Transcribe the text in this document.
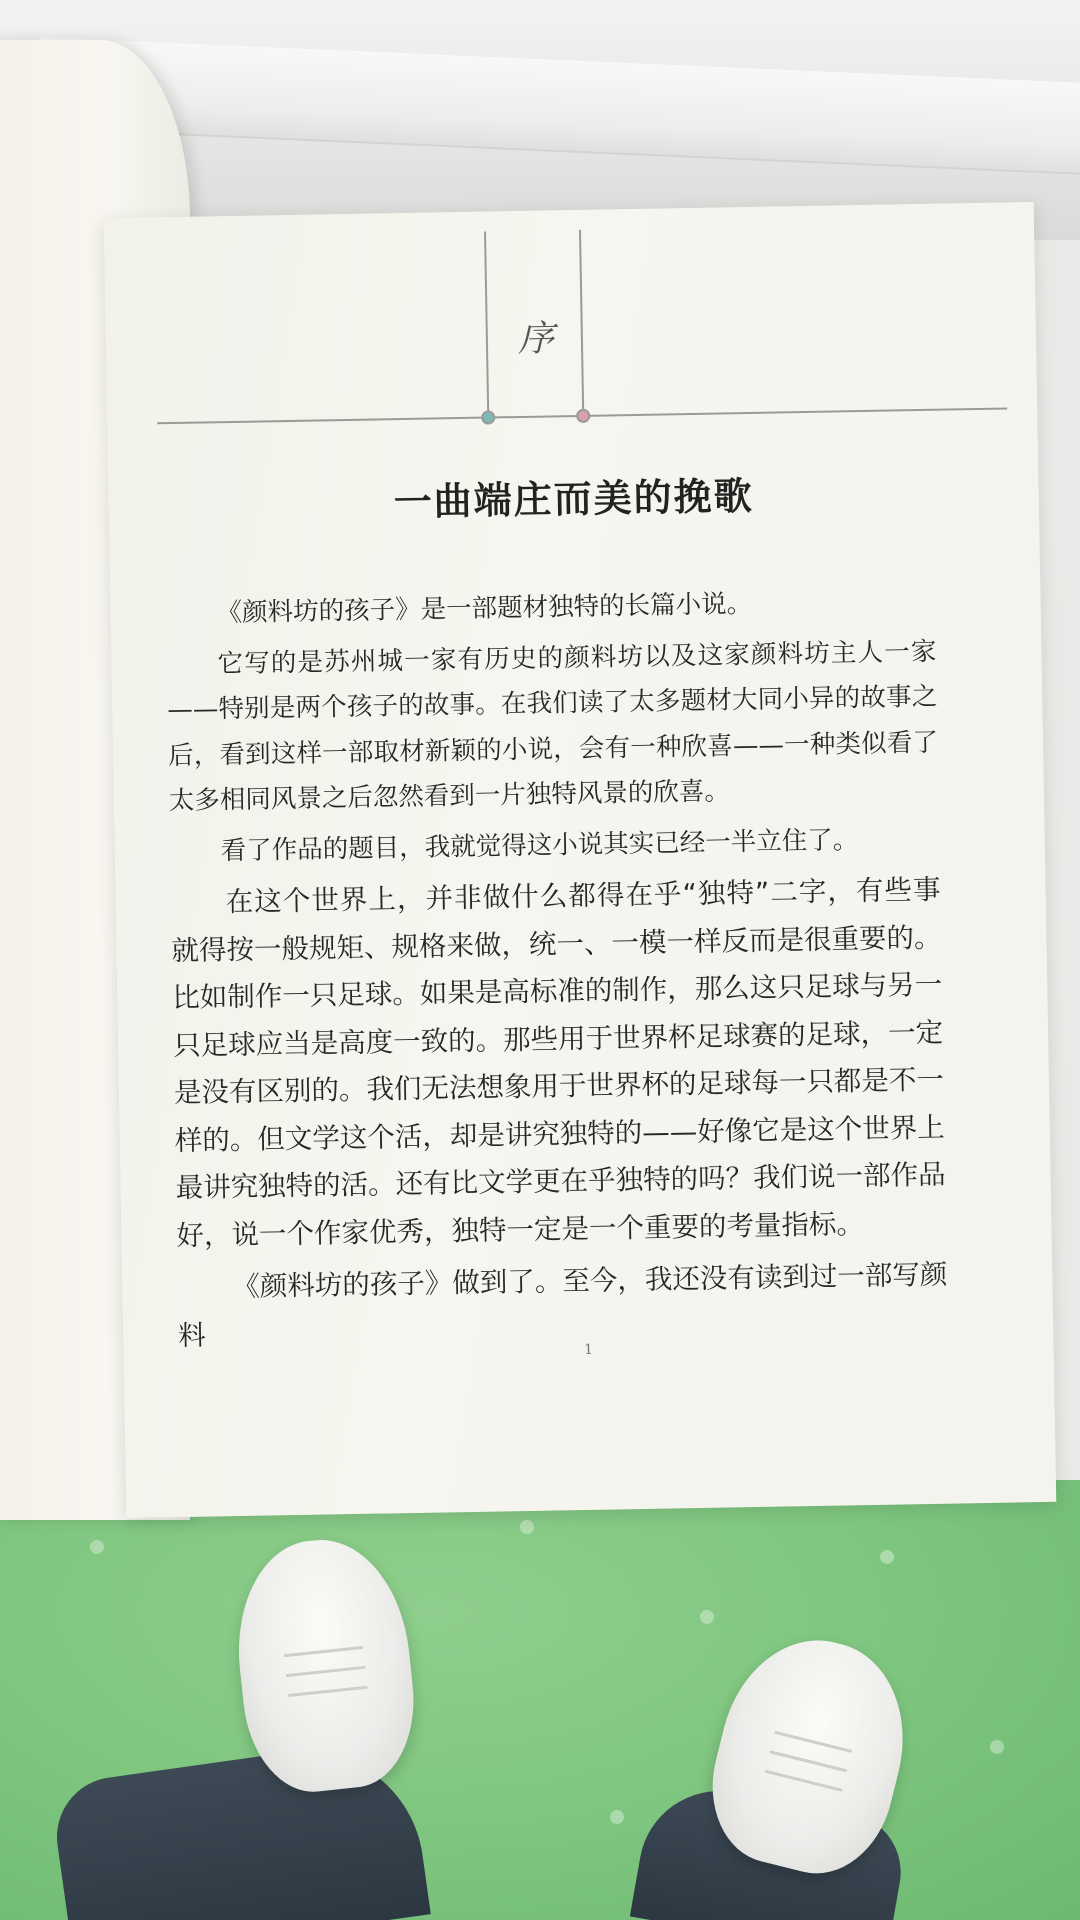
序
一曲端庄而美的挽歌

《颜料坊的孩子》是一部题材独特的长篇小说。

它写的是苏州城一家有历史的颜料坊以及这家颜料坊主人一家——特别是两个孩子的故事。在我们读了太多题材大同小异的故事之后，看到这样一部取材新颖的小说，会有一种欣喜——一种类似看了太多相同风景之后忽然看到一片独特风景的欣喜。

看了作品的题目，我就觉得这小说其实已经一半立住了。

在这个世界上，并非做什么都得在乎“独特”二字，有些事就得按一般规矩、规格来做，统一、一模一样反而是很重要的。比如制作一只足球。如果是高标准的制作，那么这只足球与另一只足球应当是高度一致的。那些用于世界杯足球赛的足球，一定是没有区别的。我们无法想象用于世界杯的足球每一只都是不一样的。但文学这个活，却是讲究独特的——好像它是这个世界上最讲究独特的活。还有比文学更在乎独特的吗？我们说一部作品好，说一个作家优秀，独特一定是一个重要的考量指标。

《颜料坊的孩子》做到了。至今，我还没有读到过一部写颜料	1
